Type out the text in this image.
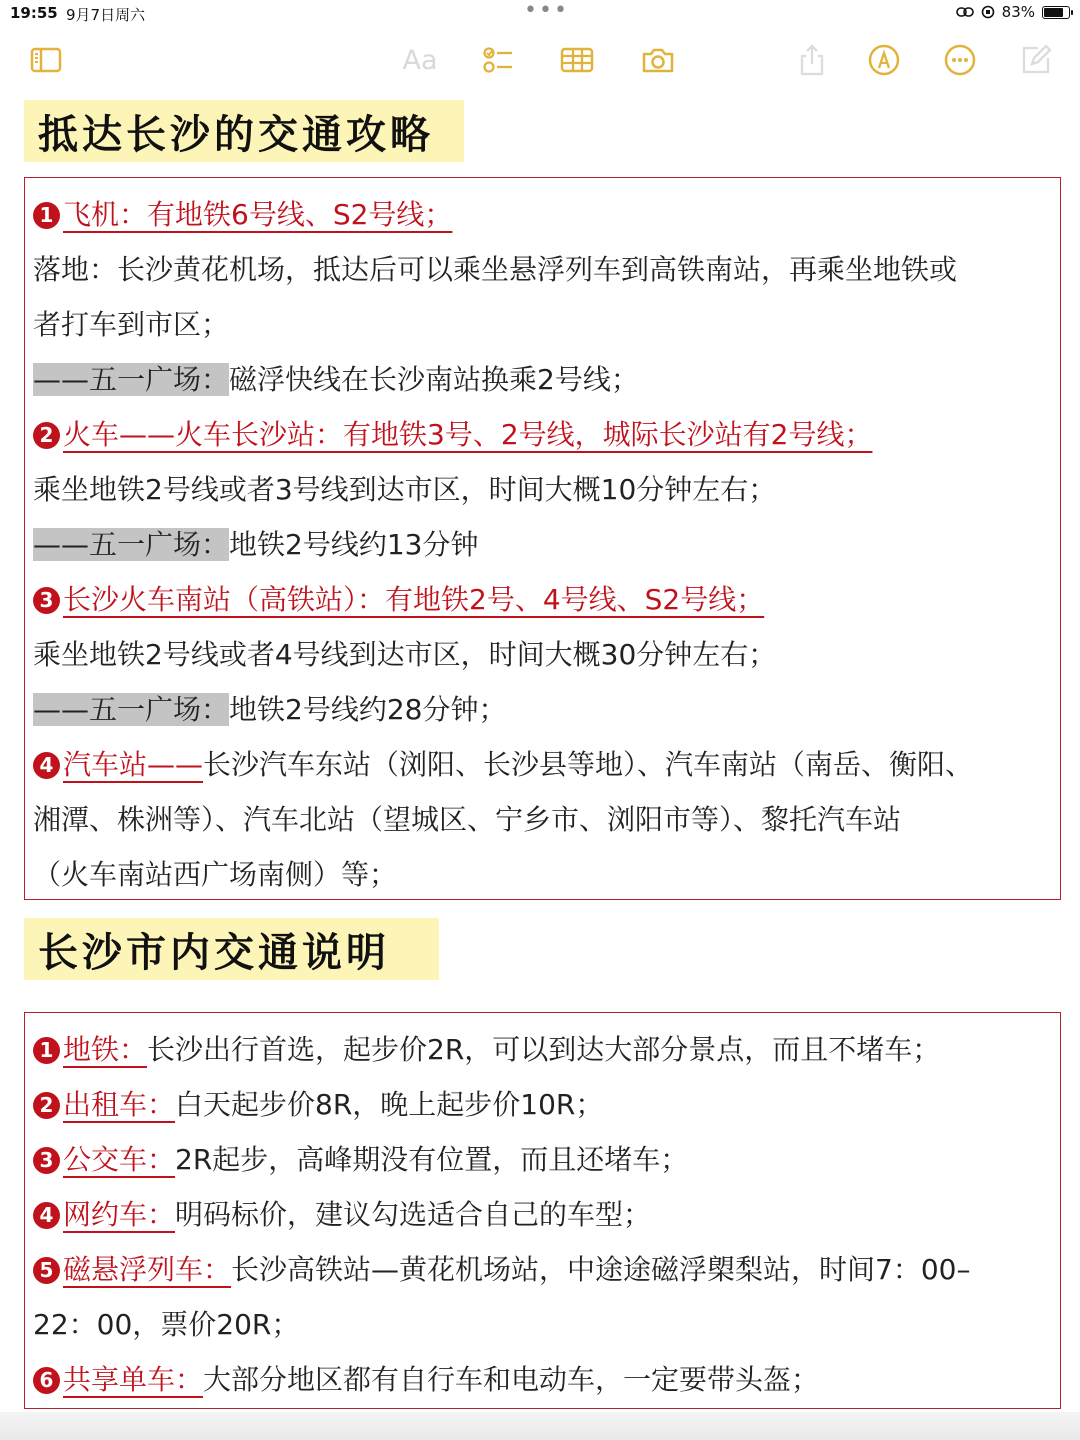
19:55 9月7日周六	•••	83%
Aa
抵达长沙的交通攻略
1 飞机：有地铁6号线、S2号线；
落地：长沙黄花机场，抵达后可以乘坐悬浮列车到高铁南站，再乘坐地铁或
者打车到市区；
——五一广场：磁浮快线在长沙南站换乘2号线；
2 火车——火车长沙站：有地铁3号、2号线，城际长沙站有2号线；
乘坐地铁2号线或者3号线到达市区，时间大概10分钟左右；
——五一广场：地铁2号线约13分钟
3 长沙火车南站（高铁站）：有地铁2号、4号线、S2号线；
乘坐地铁2号线或者4号线到达市区，时间大概30分钟左右；
——五一广场：地铁2号线约28分钟；
4 汽车站——长沙汽车东站（浏阳、长沙县等地）、汽车南站（南岳、衡阳、
湘潭、株洲等）、汽车北站（望城区、宁乡市、浏阳市等）、黎托汽车站
（火车南站西广场南侧）等；
长沙市内交通说明
1 地铁：长沙出行首选，起步价2R，可以到达大部分景点，而且不堵车；
2 出租车：白天起步价8R，晚上起步价10R；
3 公交车：2R起步，高峰期没有位置，而且还堵车；
4 网约车：明码标价，建议勾选适合自己的车型；
5 磁悬浮列车：长沙高铁站—黄花机场站，中途途磁浮㮾梨站，时间7：00–
22：00，票价20R；
6 共享单车：大部分地区都有自行车和电动车，一定要带头盔；
